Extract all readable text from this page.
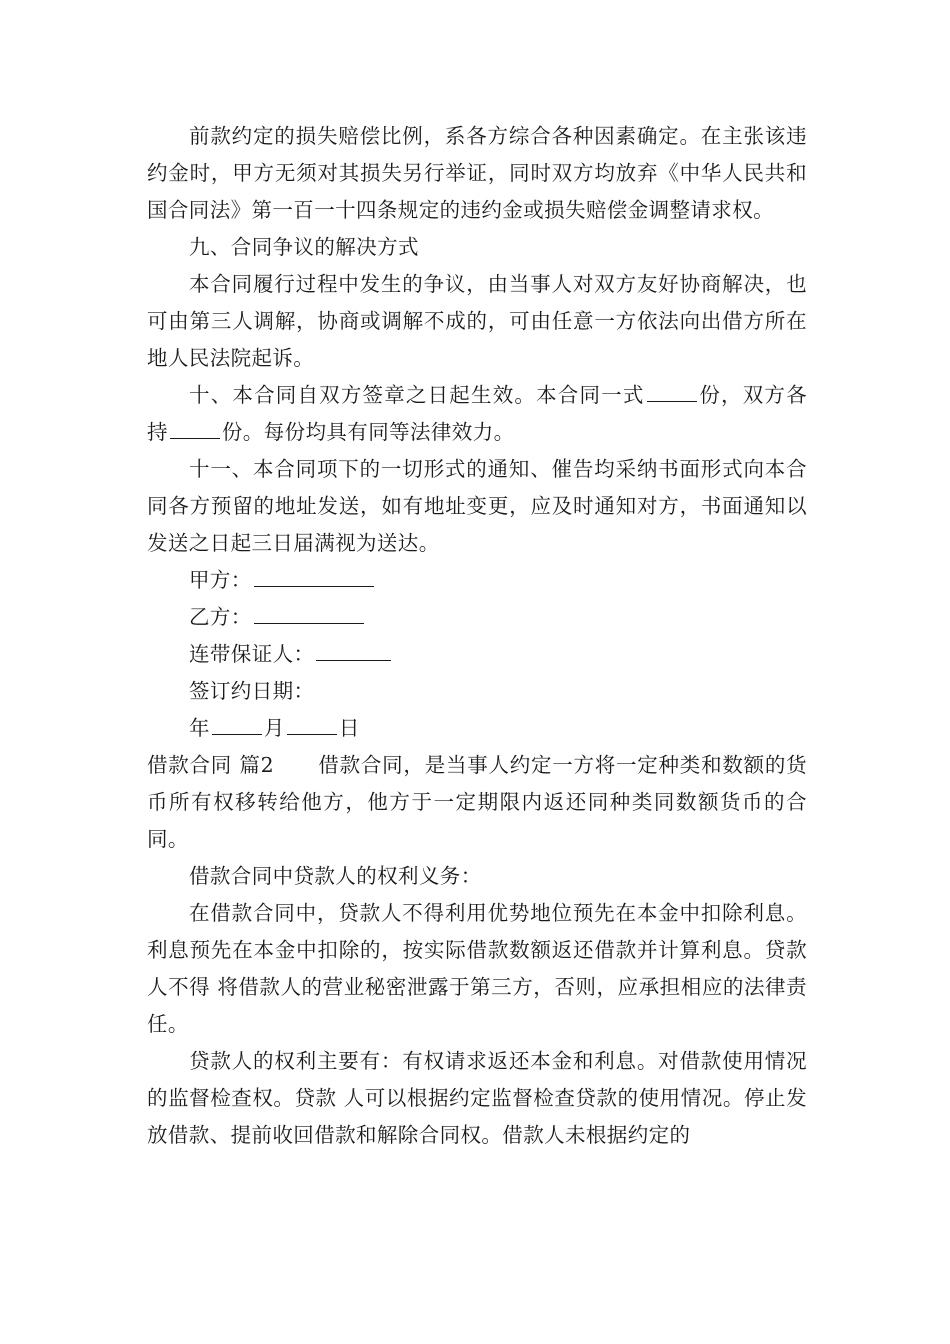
前款约定的损失赔偿比例，系各方综合各种因素确定。在主张该违约金时，甲方无须对其损失另行举证，同时双方均放弃《中华人民共和国合同法》第一百一十四条规定的违约金或损失赔偿金调整请求权。

九、合同争议的解决方式

本合同履行过程中发生的争议，由当事人对双方友好协商解决，也可由第三人调解，协商或调解不成的，可由任意一方依法向出借方所在地人民法院起诉。

十、本合同自双方签章之日起生效。本合同一式	份，双方各持	份。每份均具有同等法律效力。

十一、本合同项下的一切形式的通知、催告均采纳书面形式向本合同各方预留的地址发送，如有地址变更，应及时通知对方，书面通知以发送之日起三日届满视为送达。

甲方：

乙方：

连带保证人：

签订约日期：

年	月	日

借款合同 篇2 借款合同，是当事人约定一方将一定种类和数额的货币所有权移转给他方，他方于一定期限内返还同种类同数额货币的合同。

借款合同中贷款人的权利义务：

在借款合同中，贷款人不得利用优势地位预先在本金中扣除利息。利息预先在本金中扣除的，按实际借款数额返还借款并计算利息。贷款人不得 将借款人的营业秘密泄露于第三方，否则，应承担相应的法律责任。

贷款人的权利主要有：有权请求返还本金和利息。对借款使用情况的监督检查权。贷款 人可以根据约定监督检查贷款的使用情况。停止发放借款、提前收回借款和解除合同权。借款人未根据约定的
